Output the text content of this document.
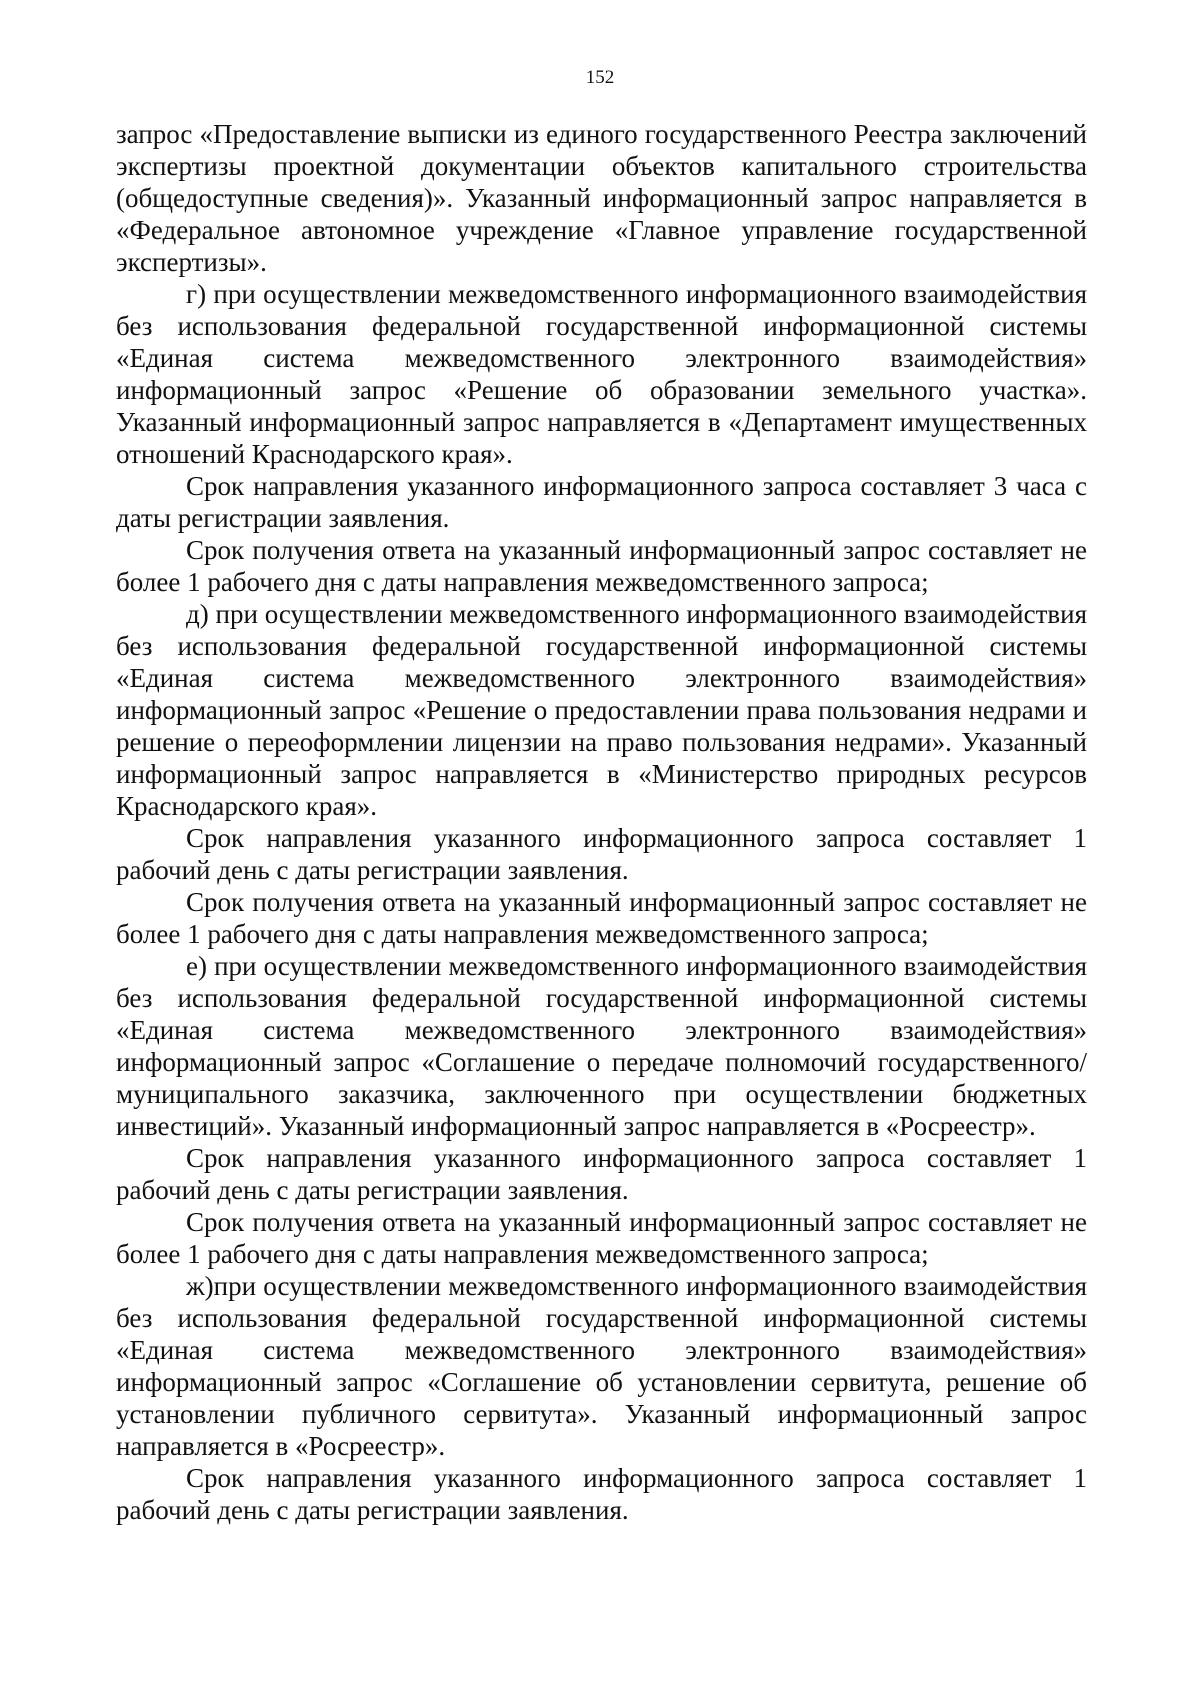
152

запрос «Предоставление выписки из единого государственного Реестра заключений экспертизы проектной документации объектов капитального строительства (общедоступные сведения)». Указанный информационный запрос направляется в «Федеральное автономное учреждение «Главное управление государственной экспертизы».

г) при осуществлении межведомственного информационного взаимодействия без использования федеральной государственной информационной системы «Единая система межведомственного электронного взаимодействия» информационный запрос «Решение об образовании земельного участка». Указанный информационный запрос направляется в «Департамент имущественных отношений Краснодарского края».

Срок направления указанного информационного запроса составляет 3 часа с даты регистрации заявления.

Срок получения ответа на указанный информационный запрос составляет не более 1 рабочего дня с даты направления межведомственного запроса;

д) при осуществлении межведомственного информационного взаимодействия без использования федеральной государственной информационной системы «Единая система межведомственного электронного взаимодействия» информационный запрос «Решение о предоставлении права пользования недрами и решение о переоформлении лицензии на право пользования недрами». Указанный информационный запрос направляется в «Министерство природных ресурсов Краснодарского края».

Срок направления указанного информационного запроса составляет 1 рабочий день с даты регистрации заявления.

Срок получения ответа на указанный информационный запрос составляет не более 1 рабочего дня с даты направления межведомственного запроса;

е) при осуществлении межведомственного информационного взаимодействия без использования федеральной государственной информационной системы «Единая система межведомственного электронного взаимодействия» информационный запрос «Соглашение о передаче полномочий государственного/ муниципального заказчика, заключенного при осуществлении бюджетных инвестиций». Указанный информационный запрос направляется в «Росреестр».

Срок направления указанного информационного запроса составляет 1 рабочий день с даты регистрации заявления.

Срок получения ответа на указанный информационный запрос составляет не более 1 рабочего дня с даты направления межведомственного запроса;

ж)при осуществлении межведомственного информационного взаимодействия без использования федеральной государственной информационной системы «Единая система межведомственного электронного взаимодействия» информационный запрос «Соглашение об установлении сервитута, решение об установлении публичного сервитута». Указанный информационный запрос направляется в «Росреестр».

Срок направления указанного информационного запроса составляет 1 рабочий день с даты регистрации заявления.
